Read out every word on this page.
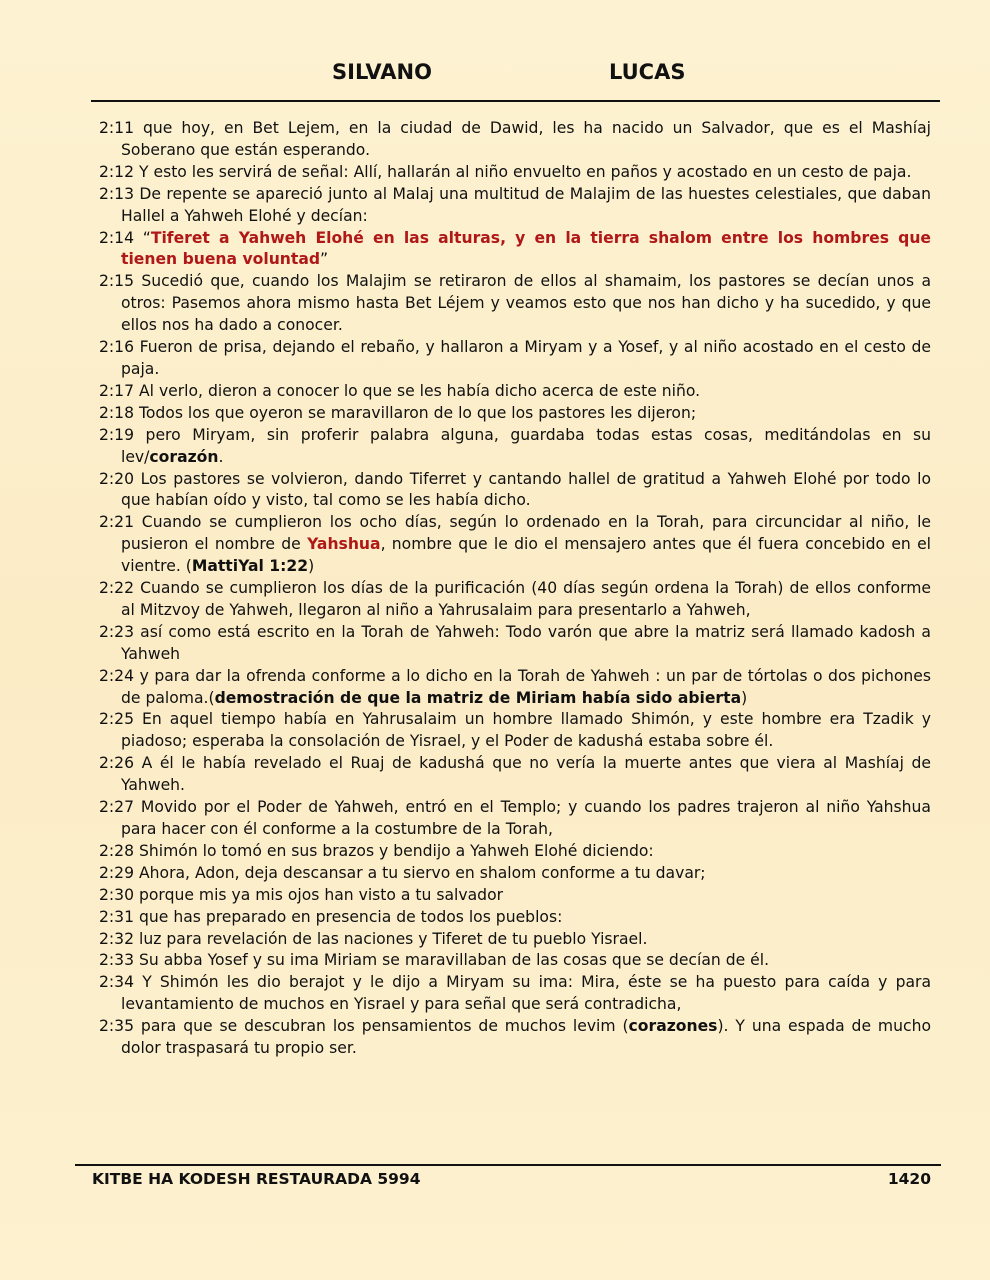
SILVANO	LUCAS

2:11 que hoy, en Bet Lejem, en la ciudad de Dawid, les ha nacido un Salvador, que es el Mashíaj Soberano que están esperando.

2:12 Y esto les servirá de señal: Allí, hallarán al niño envuelto en paños y acostado en un cesto de paja.

2:13 De repente se apareció junto al Malaj una multitud de Malajim de las huestes celestiales, que daban Hallel a Yahweh Elohé y decían:

2:14 “Tiferet a Yahweh Elohé en las alturas, y en la tierra shalom entre los hombres que tienen buena voluntad”

2:15 Sucedió que, cuando los Malajim se retiraron de ellos al shamaim, los pastores se decían unos a otros: Pasemos ahora mismo hasta Bet Léjem y veamos esto que nos han dicho y ha sucedido, y que ellos nos ha dado a conocer.

2:16 Fueron de prisa, dejando el rebaño, y hallaron a Miryam y a Yosef, y al niño acostado en el cesto de paja.

2:17 Al verlo, dieron a conocer lo que se les había dicho acerca de este niño.

2:18 Todos los que oyeron se maravillaron de lo que los pastores les dijeron;

2:19 pero Miryam, sin proferir palabra alguna, guardaba todas estas cosas, meditándolas en su lev/corazón.

2:20 Los pastores se volvieron, dando Tiferret y cantando hallel de gratitud a Yahweh Elohé por todo lo que habían oído y visto, tal como se les había dicho.

2:21 Cuando se cumplieron los ocho días, según lo ordenado en la Torah, para circuncidar al niño, le pusieron el nombre de Yahshua, nombre que le dio el mensajero antes que él fuera concebido en el vientre. (MattiYal 1:22)

2:22 Cuando se cumplieron los días de la purificación (40 días según ordena la Torah) de ellos conforme al Mitzvoy de Yahweh, llegaron al niño a Yahrusalaim para presentarlo a Yahweh,

2:23 así como está escrito en la Torah de Yahweh: Todo varón que abre la matriz será llamado kadosh a Yahweh

2:24 y para dar la ofrenda conforme a lo dicho en la Torah de Yahweh : un par de tórtolas o dos pichones de paloma.(demostración de que la matriz de Miriam había sido abierta)

2:25 En aquel tiempo había en Yahrusalaim un hombre llamado Shimón, y este hombre era Tzadik y piadoso; esperaba la consolación de Yisrael, y el Poder de kadushá estaba sobre él.

2:26 A él le había revelado el Ruaj de kadushá que no vería la muerte antes que viera al Mashíaj de Yahweh.

2:27 Movido por el Poder de Yahweh, entró en el Templo; y cuando los padres trajeron al niño Yahshua para hacer con él conforme a la costumbre de la Torah,

2:28 Shimón lo tomó en sus brazos y bendijo a Yahweh Elohé diciendo:

2:29 Ahora, Adon, deja descansar a tu siervo en shalom conforme a tu davar;

2:30 porque mis ya mis ojos han visto a tu salvador

2:31 que has preparado en presencia de todos los pueblos:

2:32 luz para revelación de las naciones y Tiferet de tu pueblo Yisrael.

2:33 Su abba Yosef y su ima Miriam se maravillaban de las cosas que se decían de él.

2:34 Y Shimón les dio berajot y le dijo a Miryam su ima: Mira, éste se ha puesto para caída y para levantamiento de muchos en Yisrael y para señal que será contradicha,

2:35 para que se descubran los pensamientos de muchos levim (corazones). Y una espada de mucho dolor traspasará tu propio ser.

KITBE HA KODESH RESTAURADA 5994	1420
